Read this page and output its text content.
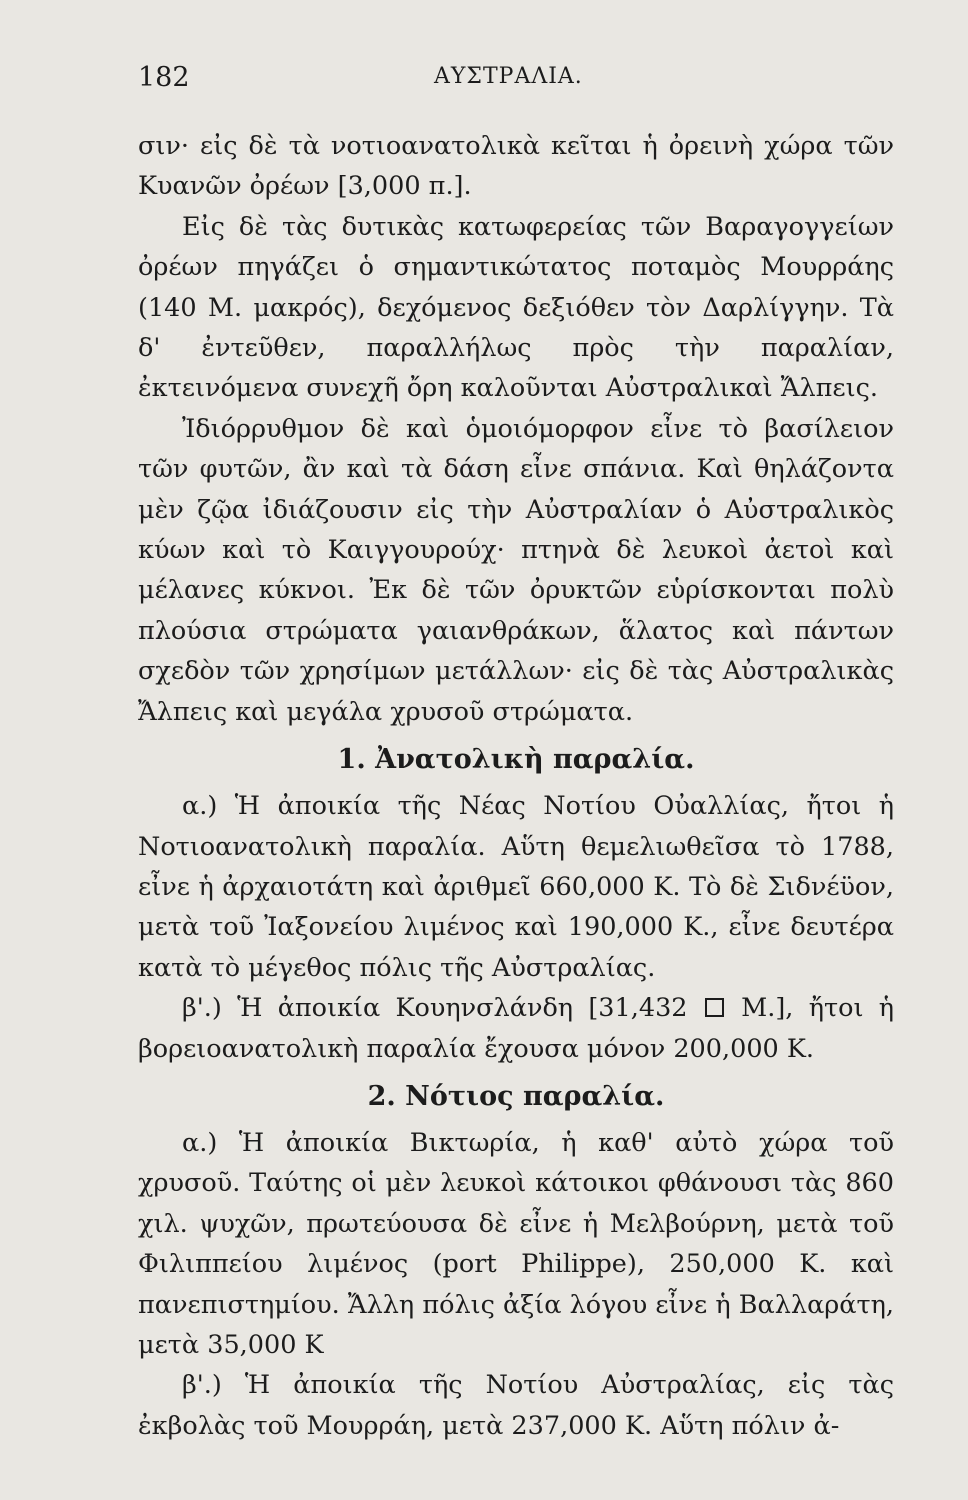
182	ΑΥΣΤΡΑΛΙΑ.

σιν· εἰς δὲ τὰ νοτιοανατολικὰ κεῖται ἡ ὀρεινὴ χώρα τῶν Κυανῶν ὀρέων [3,000 π.].

Εἰς δὲ τὰς δυτικὰς κατωφερείας τῶν Βαραγογγείων ὀρέων πηγάζει ὁ σημαντικώτατος ποταμὸς Μουρράης (140 Μ. μακρός), δεχόμενος δεξιόθεν τὸν Δαρλίγγην. Τὰ δ' ἐντεῦθεν, παραλλήλως πρὸς τὴν παραλίαν, ἐκτεινόμενα συνεχῆ ὄρη καλοῦνται Αὐστραλικαὶ Ἄλπεις.

Ἰδιόρρυθμον δὲ καὶ ὁμοιόμορφον εἶνε τὸ βασίλειον τῶν φυτῶν, ἂν καὶ τὰ δάση εἶνε σπάνια. Καὶ θηλάζοντα μὲν ζῷα ἰδιάζουσιν εἰς τὴν Αὐστραλίαν ὁ Αὐστραλικὸς κύων καὶ τὸ Καιγγουρούχ· πτηνὰ δὲ λευκοὶ ἀετοὶ καὶ μέλανες κύκνοι. Ἐκ δὲ τῶν ὀρυκτῶν εὑρίσκονται πολὺ πλούσια στρώματα γαιανθράκων, ἅλατος καὶ πάντων σχεδὸν τῶν χρησίμων μετάλλων· εἰς δὲ τὰς Αὐστραλικὰς Ἄλπεις καὶ μεγάλα χρυσοῦ στρώματα.

1. Ἀνατολικὴ παραλία.

α.) Ἡ ἀποικία τῆς Νέας Νοτίου Οὐαλλίας, ἤτοι ἡ Νοτιοανατολικὴ παραλία. Αὕτη θεμελιωθεῖσα τὸ 1788, εἶνε ἡ ἀρχαιοτάτη καὶ ἀριθμεῖ 660,000 Κ. Τὸ δὲ Σιδνέϋον, μετὰ τοῦ Ἰαξονείου λιμένος καὶ 190,000 Κ., εἶνε δευτέρα κατὰ τὸ μέγεθος πόλις τῆς Αὐστραλίας.

β'.) Ἡ ἀποικία Κουηνσλάνδη [31,432 Μ.], ἤτοι ἡ βορειοανατολικὴ παραλία ἔχουσα μόνον 200,000 Κ.

2. Νότιος παραλία.

α.) Ἡ ἀποικία Βικτωρία, ἡ καθ' αὐτὸ χώρα τοῦ χρυσοῦ. Ταύτης οἱ μὲν λευκοὶ κάτοικοι φθάνουσι τὰς 860 χιλ. ψυχῶν, πρωτεύουσα δὲ εἶνε ἡ Μελβούρνη, μετὰ τοῦ Φιλιππείου λιμένος (port Philippe), 250,000 Κ. καὶ πανεπιστημίου. Ἄλλη πόλις ἀξία λόγου εἶνε ἡ Βαλλαράτη, μετὰ 35,000 Κ

β'.) Ἡ ἀποικία τῆς Νοτίου Αὐστραλίας, εἰς τὰς ἐκβολὰς τοῦ Μουρράη, μετὰ 237,000 Κ. Αὕτη πόλιν ἀ-
